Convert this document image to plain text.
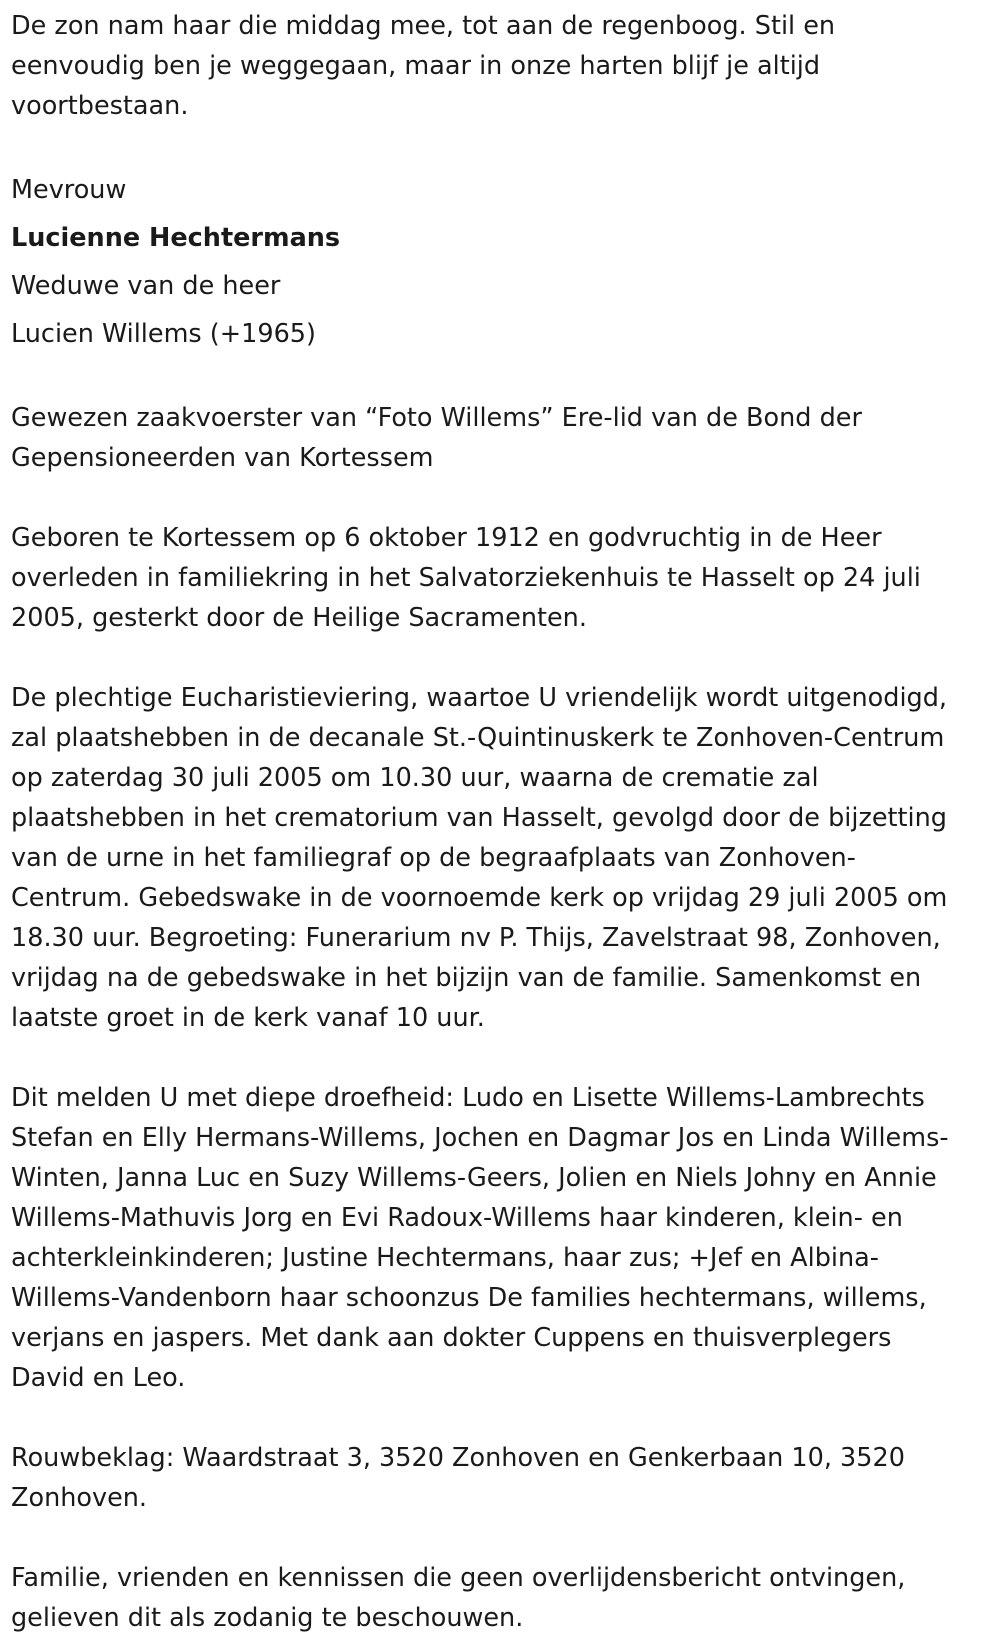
De zon nam haar die middag mee, tot aan de regenboog. Stil en
eenvoudig ben je weggegaan, maar in onze harten blijf je altijd
voortbestaan.

Mevrouw

Lucienne Hechtermans

Weduwe van de heer

Lucien Willems (+1965)

Gewezen zaakvoerster van “Foto Willems” Ere-lid van de Bond der
Gepensioneerden van Kortessem

Geboren te Kortessem op 6 oktober 1912 en godvruchtig in de Heer
overleden in familiekring in het Salvatorziekenhuis te Hasselt op 24 juli
2005, gesterkt door de Heilige Sacramenten.

De plechtige Eucharistieviering, waartoe U vriendelijk wordt uitgenodigd,
zal plaatshebben in de decanale St.-Quintinuskerk te Zonhoven-Centrum
op zaterdag 30 juli 2005 om 10.30 uur, waarna de crematie zal
plaatshebben in het crematorium van Hasselt, gevolgd door de bijzetting
van de urne in het familiegraf op de begraafplaats van Zonhoven-
Centrum. Gebedswake in de voornoemde kerk op vrijdag 29 juli 2005 om
18.30 uur. Begroeting: Funerarium nv P. Thijs, Zavelstraat 98, Zonhoven,
vrijdag na de gebedswake in het bijzijn van de familie. Samenkomst en
laatste groet in de kerk vanaf 10 uur.

Dit melden U met diepe droefheid: Ludo en Lisette Willems-Lambrechts
Stefan en Elly Hermans-Willems, Jochen en Dagmar Jos en Linda Willems-
Winten, Janna Luc en Suzy Willems-Geers, Jolien en Niels Johny en Annie
Willems-Mathuvis Jorg en Evi Radoux-Willems haar kinderen, klein- en
achterkleinkinderen; Justine Hechtermans, haar zus; +Jef en Albina-
Willems-Vandenborn haar schoonzus De families hechtermans, willems,
verjans en jaspers. Met dank aan dokter Cuppens en thuisverplegers
David en Leo.

Rouwbeklag: Waardstraat 3, 3520 Zonhoven en Genkerbaan 10, 3520
Zonhoven.

Familie, vrienden en kennissen die geen overlijdensbericht ontvingen,
gelieven dit als zodanig te beschouwen.
